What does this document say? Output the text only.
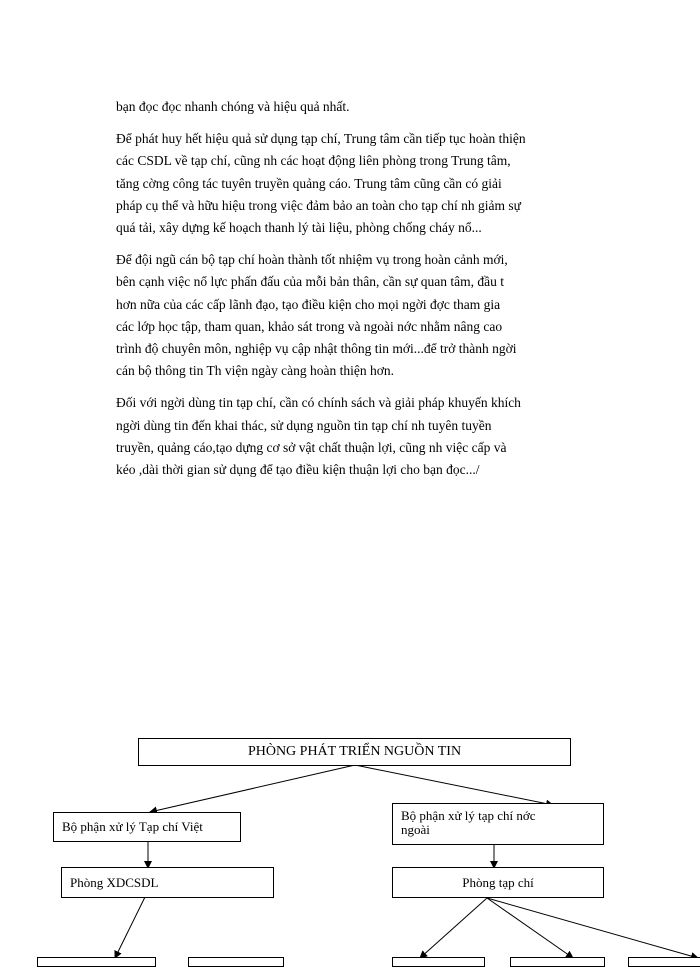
bạn đọc đọc nhanh chóng và hiệu quả nhất.

Để phát huy hết hiệu quả sử dụng tạp chí, Trung tâm cần tiếp tục hoàn thiện
các CSDL về tạp chí, cũng nh các hoạt động liên phòng trong Trung tâm,
tăng cờng công tác tuyên truyền quảng cáo. Trung tâm cũng cần có giải
pháp cụ thể và hữu hiệu trong việc đảm bảo an toàn cho tạp chí nh giảm sự
quá tải, xây dựng kế hoạch thanh lý tài liệu, phòng chống cháy nổ...

Để đội ngũ cán bộ tạp chí hoàn thành tốt nhiệm vụ trong hoàn cảnh mới,
bên cạnh việc nổ lực phấn đấu của mỗi bản thân, cần sự quan tâm, đầu t
hơn nữa của các cấp lãnh đạo, tạo điều kiện cho mọi ngời đợc tham gia
các lớp học tập, tham quan, khảo sát trong và ngoài nớc nhằm nâng cao
trình độ chuyên môn, nghiệp vụ cập nhật thông tin mới...để trở thành ngời
cán bộ thông tin Th viện ngày càng hoàn thiện hơn.

Đối với ngời dùng tin tạp chí, cần có chính sách và giải pháp khuyến khích
ngời dùng tin đến khai thác, sử dụng nguồn tin tạp chí nh tuyên tuyền
truyền, quảng cáo,tạo dựng cơ sở vật chất thuận lợi, cũng nh việc cấp và
kéo ,dài thời gian sử dụng để tạo điều kiện thuận lợi cho bạn đọc.../

PHÒNG PHÁT TRIỂN NGUỒN TIN
Bộ phận xử lý Tạp chí Việt
Bộ phận xử lý tạp chí nớc ngoài
Phòng XDCSDL	Phòng tạp chí
